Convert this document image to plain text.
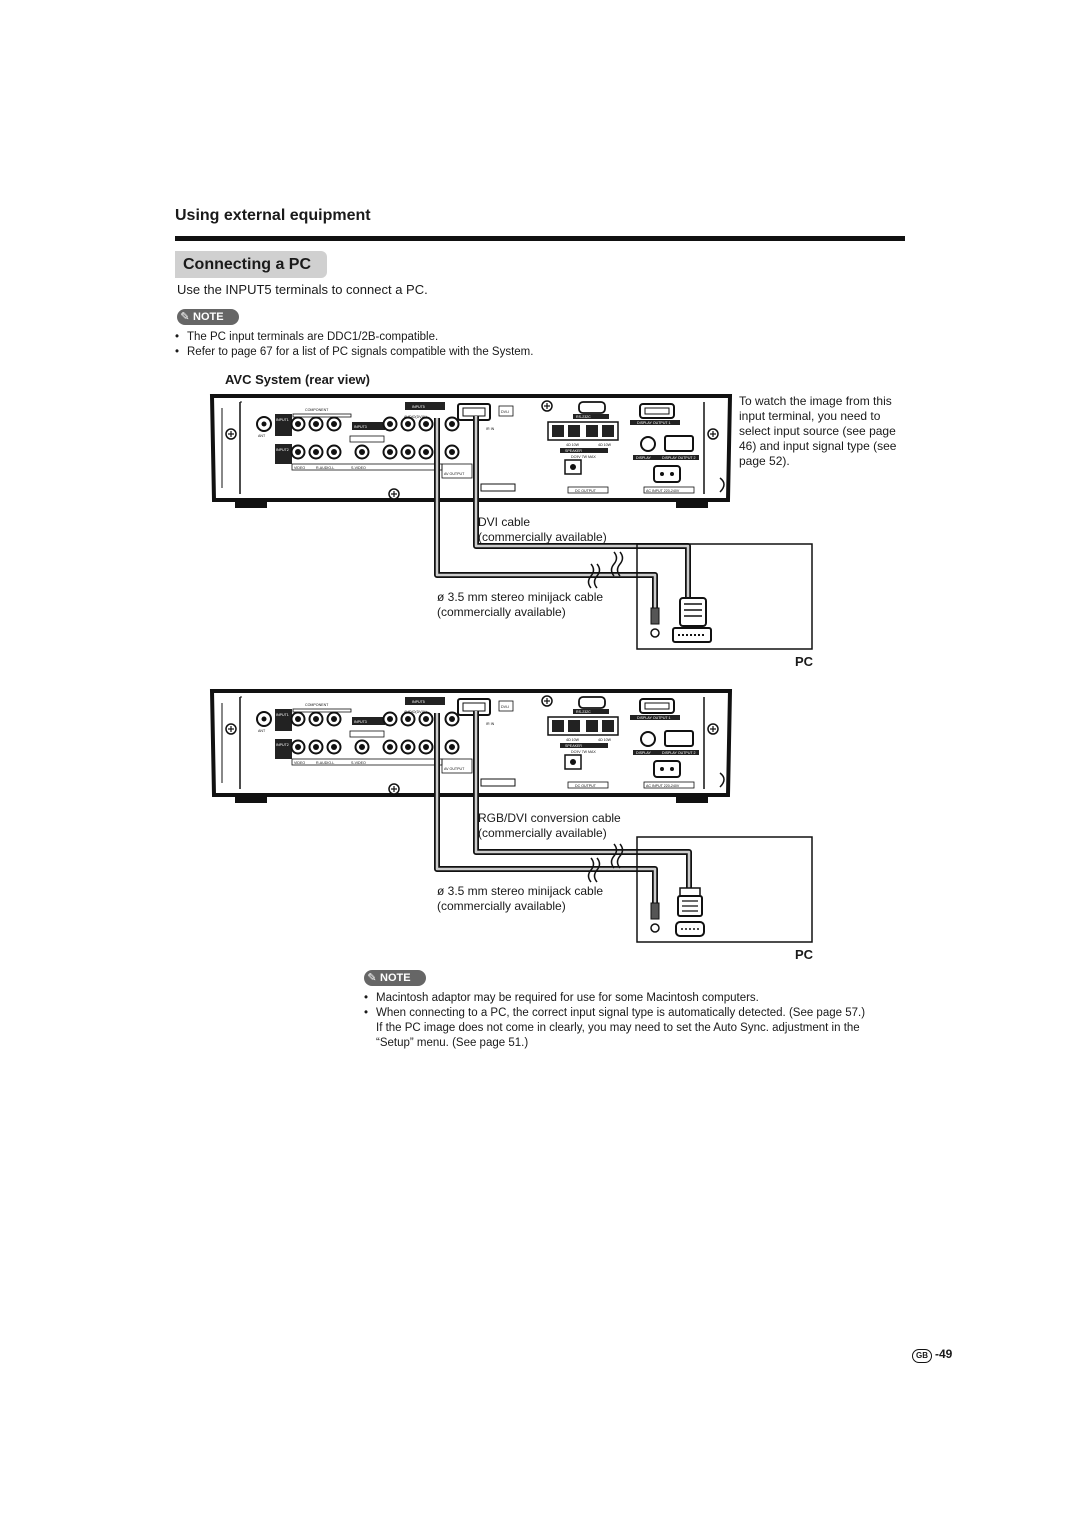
Using external equipment
Connecting a PC
Use the INPUT5 terminals to connect a PC.
✎ NOTE
• The PC input terminals are DDC1/2B-compatible.
• Refer to page 67 for a list of PC signals compatible with the System.
AVC System (rear view)
To watch the image from this input terminal, you need to select input source (see page 46) and input signal type (see page 52).
INPUT1
INPUT2
INPUT5
INPUT3
COMPONENT
ANT
VIDEO	R-AUDIO-L	S-VIDEO
AUDIO(DVI/L)
DVI-I
RS-232C
SPEAKER
DC9V 7W MAX
DC OUTPUT
DISPLAY OUTPUT 1
DISPLAY OUTPUT 2
DISPLAY
AC INPUT 220-240V
AV OUTPUT
IR IN
4Ω 10W	4Ω 10W
INPUT1
INPUT2
INPUT5
INPUT3
COMPONENT
ANT
VIDEO	R-AUDIO-L	S-VIDEO
AUDIO(DVI/L)
DVI-I
RS-232C
SPEAKER
DC9V 7W MAX
DC OUTPUT
DISPLAY OUTPUT 1
DISPLAY OUTPUT 2
DISPLAY
AC INPUT 220-240V
AV OUTPUT
IR IN
4Ω 10W	4Ω 10W
DVI cable
(commercially available)
ø 3.5 mm stereo minijack cable
(commercially available)
PC
RGB/DVI conversion cable
(commercially available)
ø 3.5 mm stereo minijack cable
(commercially available)
PC
✎ NOTE
• Macintosh adaptor may be required for use for some Macintosh computers.
• When connecting to a PC, the correct input signal type is automatically detected. (See page 57.) If the PC image does not come in clearly, you may need to set the Auto Sync. adjustment in the “Setup” menu. (See page 51.)
GB -49
